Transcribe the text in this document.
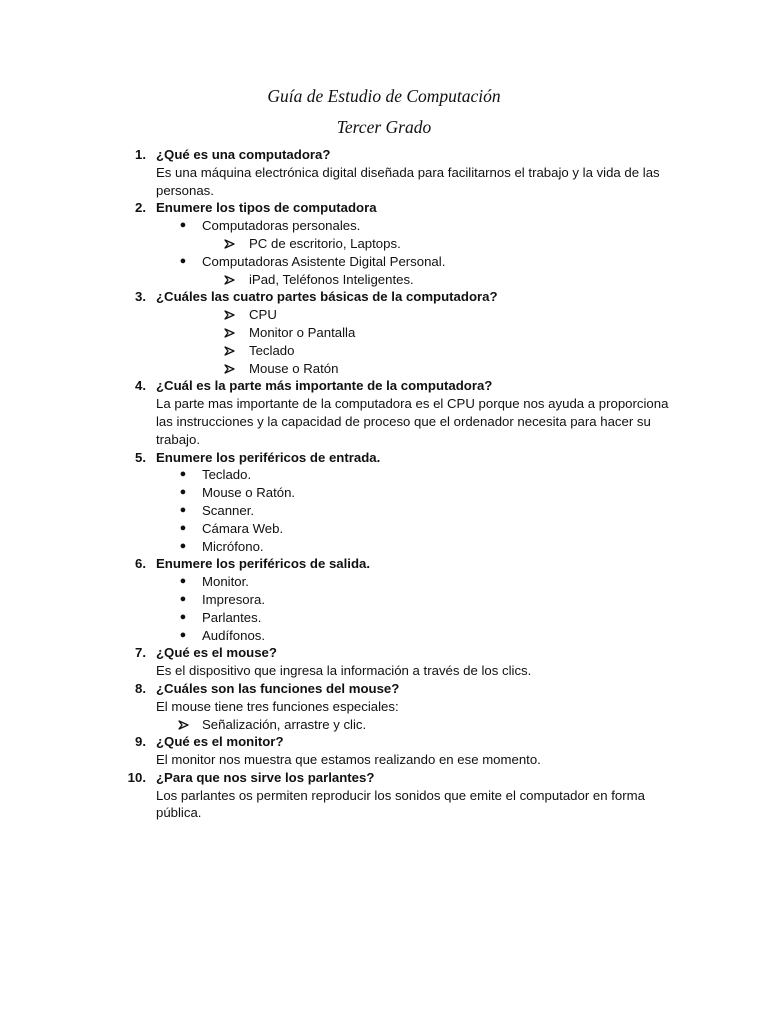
Guía de Estudio de Computación
Tercer Grado
1. ¿Qué es una computadora?
Es una máquina electrónica digital diseñada para facilitarnos el trabajo y la vida de las
personas.
2. Enumere los tipos de computadora
● Computadoras personales.
PC de escritorio, Laptops.
● Computadoras Asistente Digital Personal.
iPad, Teléfonos Inteligentes.
3. ¿Cuáles las cuatro partes básicas de la computadora?
CPU
Monitor o Pantalla
Teclado
Mouse o Ratón
4. ¿Cuál es la parte más importante de la computadora?
La parte mas importante de la computadora es el CPU porque nos ayuda a proporciona
las instrucciones y la capacidad de proceso que el ordenador necesita para hacer su
trabajo.
5. Enumere los periféricos de entrada.
● Teclado.
● Mouse o Ratón.
● Scanner.
● Cámara Web.
● Micrófono.
6. Enumere los periféricos de salida.
● Monitor.
● Impresora.
● Parlantes.
● Audífonos.
7. ¿Qué es el mouse?
Es el dispositivo que ingresa la información a través de los clics.
8. ¿Cuáles son las funciones del mouse?
El mouse tiene tres funciones especiales:
Señalización, arrastre y clic.
9. ¿Qué es el monitor?
El monitor nos muestra que estamos realizando en ese momento.
10. ¿Para que nos sirve los parlantes?
Los parlantes os permiten reproducir los sonidos que emite el computador en forma
pública.
